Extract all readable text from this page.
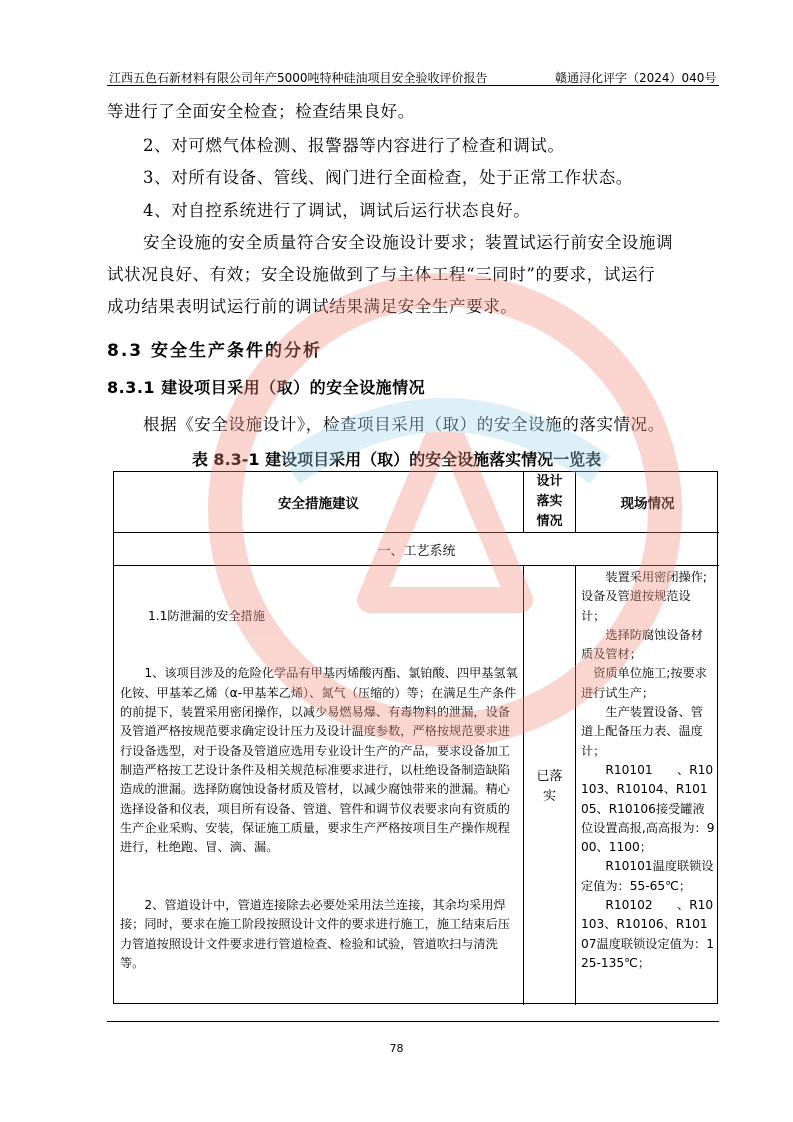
江西五色石新材料有限公司年产5000吨特种硅油项目安全验收评价报告	赣通浔化评字（2024）040号
等进行了全面安全检查；检查结果良好。
2、对可燃气体检测、报警器等内容进行了检查和调试。
3、对所有设备、管线、阀门进行全面检查，处于正常工作状态。
4、对自控系统进行了调试，调试后运行状态良好。
安全设施的安全质量符合安全设施设计要求；装置试运行前安全设施调
试状况良好、有效；安全设施做到了与主体工程“三同时”的要求，试运行
成功结果表明试运行前的调试结果满足安全生产要求。
8.3 安全生产条件的分析
8.3.1 建设项目采用（取）的安全设施情况
根据《安全设施设计》，检查项目采用（取）的安全设施的落实情况。
表 8.3-1 建设项目采用（取）的安全设施落实情况一览表
安全措施建议
设计落实情况
现场情况
一、工艺系统

1.1防泄漏的安全措施

1、该项目涉及的危险化学品有甲基丙烯酸丙酯、氯铂酸、四甲基氢氧化铵、甲基苯乙烯（α-甲基苯乙烯）、氮气（压缩的）等；在满足生产条件的前提下，装置采用密闭操作，以减少易燃易爆、有毒物料的泄漏，设备及管道严格按规范要求确定设计压力及设计温度参数，严格按规范要求进行设备选型，对于设备及管道应选用专业设计生产的产品，要求设备加工制造严格按工艺设计条件及相关规范标准要求进行，以杜绝设备制造缺陷造成的泄漏。选择防腐蚀设备材质及管材，以减少腐蚀带来的泄漏。精心选择设备和仪表，项目所有设备、管道、管件和调节仪表要求向有资质的生产企业采购、安装，保证施工质量，要求生产严格按项目生产操作规程进行，杜绝跑、冒、滴、漏。

2、管道设计中，管道连接除去必要处采用法兰连接，其余均采用焊接；同时，要求在施工阶段按照设计文件的要求进行施工，施工结束后压力管道按照设计文件要求进行管道检查、检验和试验，管道吹扫与清洗等。

已落实

装置采用密闭操作;设备及管道按规范设计；

选择防腐蚀设备材质及管材；

资质单位施工;按要求进行试生产；

生产装置设备、管道上配备压力表、温度计；

R10101　　、R10103、R10104、R10105、R10106接受罐液位设置高报,高高报为：900、1100；

R10101温度联锁设定值为：55-65℃；

R10102　　、R10103、R10106、R10107温度联锁设定值为：125-135℃；

78
